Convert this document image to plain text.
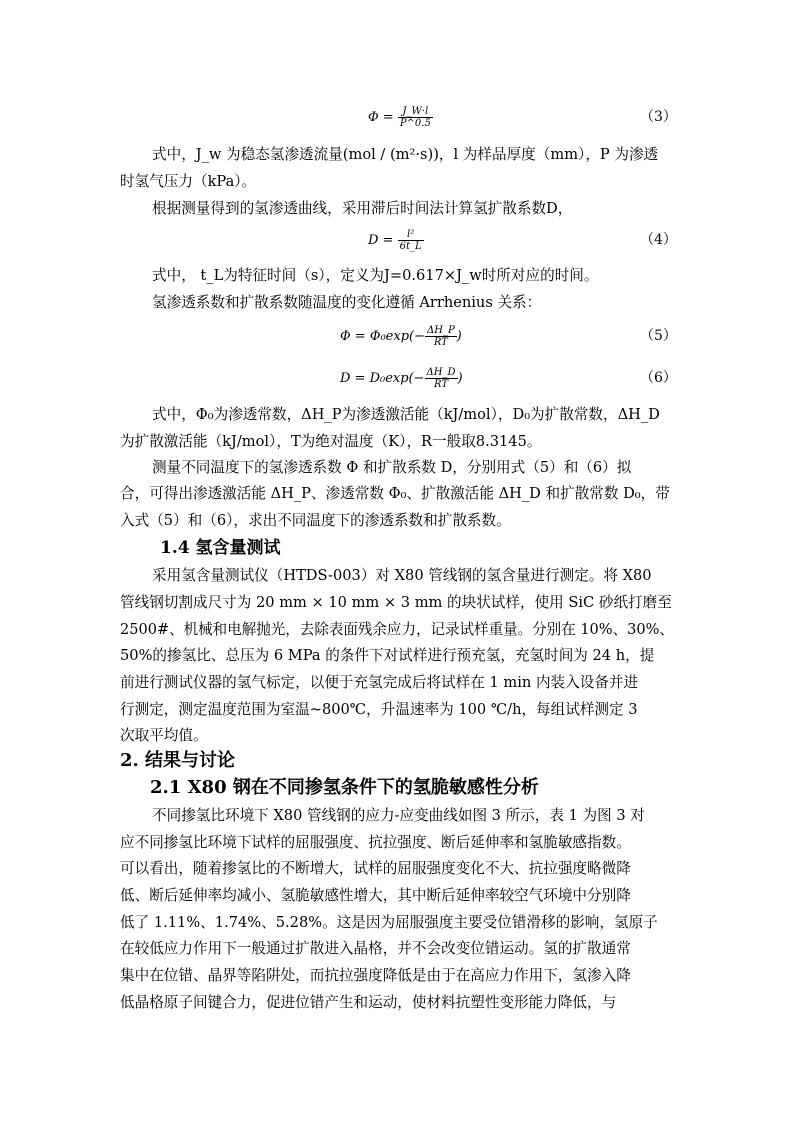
$\Phi = \frac{J\_W\cdot l}{P\^{}0.5}$	（3）
式中，J_w 为稳态氢渗透流量(mol / (m²·s))，l 为样品厚度（mm），P 为渗透
时氢气压力（kPa）。
根据测量得到的氢渗透曲线，采用滞后时间法计算氢扩散系数D，
$D = \frac{\text{l²}}{6t\_L}$	（4）
式中， t_L为特征时间（s），定义为J=0.617×J_w时所对应的时间。
氢渗透系数和扩散系数随温度的变化遵循 Arrhenius 关系：
$\Phi = \Phi_0\exp(- \frac{\Delta H\_P}{RT}$ )	（5）
$D = D_0\exp(- \frac{\Delta H\_D}{RT}$ )	（6）
式中，Φ₀为渗透常数，ΔH_P为渗透激活能（kJ/mol），D₀为扩散常数，ΔH_D
为扩散激活能（kJ/mol），T为绝对温度（K），R一般取8.3145。
测量不同温度下的氢渗透系数 Φ 和扩散系数 D，分别用式（5）和（6）拟
合，可得出渗透激活能 ΔH_P、渗透常数 Φ₀、扩散激活能 ΔH_D 和扩散常数 D₀，带
入式（5）和（6），求出不同温度下的渗透系数和扩散系数。
1.4 氢含量测试
采用氢含量测试仪（HTDS-003）对 X80 管线钢的氢含量进行测定。将 X80
管线钢切割成尺寸为 20 mm × 10 mm × 3 mm 的块状试样，使用 SiC 砂纸打磨至
2500#、机械和电解抛光，去除表面残余应力，记录试样重量。分别在 10%、30%、
50%的掺氢比、总压为 6 MPa 的条件下对试样进行预充氢，充氢时间为 24 h，提
前进行测试仪器的氢气标定，以便于充氢完成后将试样在 1 min 内装入设备并进
行测定，测定温度范围为室温~800℃，升温速率为 100 ℃/h，每组试样测定 3
次取平均值。
2. 结果与讨论
2.1 X80 钢在不同掺氢条件下的氢脆敏感性分析
不同掺氢比环境下 X80 管线钢的应力-应变曲线如图 3 所示，表 1 为图 3 对
应不同掺氢比环境下试样的屈服强度、抗拉强度、断后延伸率和氢脆敏感指数。
可以看出，随着掺氢比的不断增大，试样的屈服强度变化不大、抗拉强度略微降
低、断后延伸率均减小、氢脆敏感性增大，其中断后延伸率较空气环境中分别降
低了 1.11%、1.74%、5.28%。这是因为屈服强度主要受位错滑移的影响，氢原子
在较低应力作用下一般通过扩散进入晶格，并不会改变位错运动。氢的扩散通常
集中在位错、晶界等陷阱处，而抗拉强度降低是由于在高应力作用下，氢渗入降
低晶格原子间键合力，促进位错产生和运动，使材料抗塑性变形能力降低，与
